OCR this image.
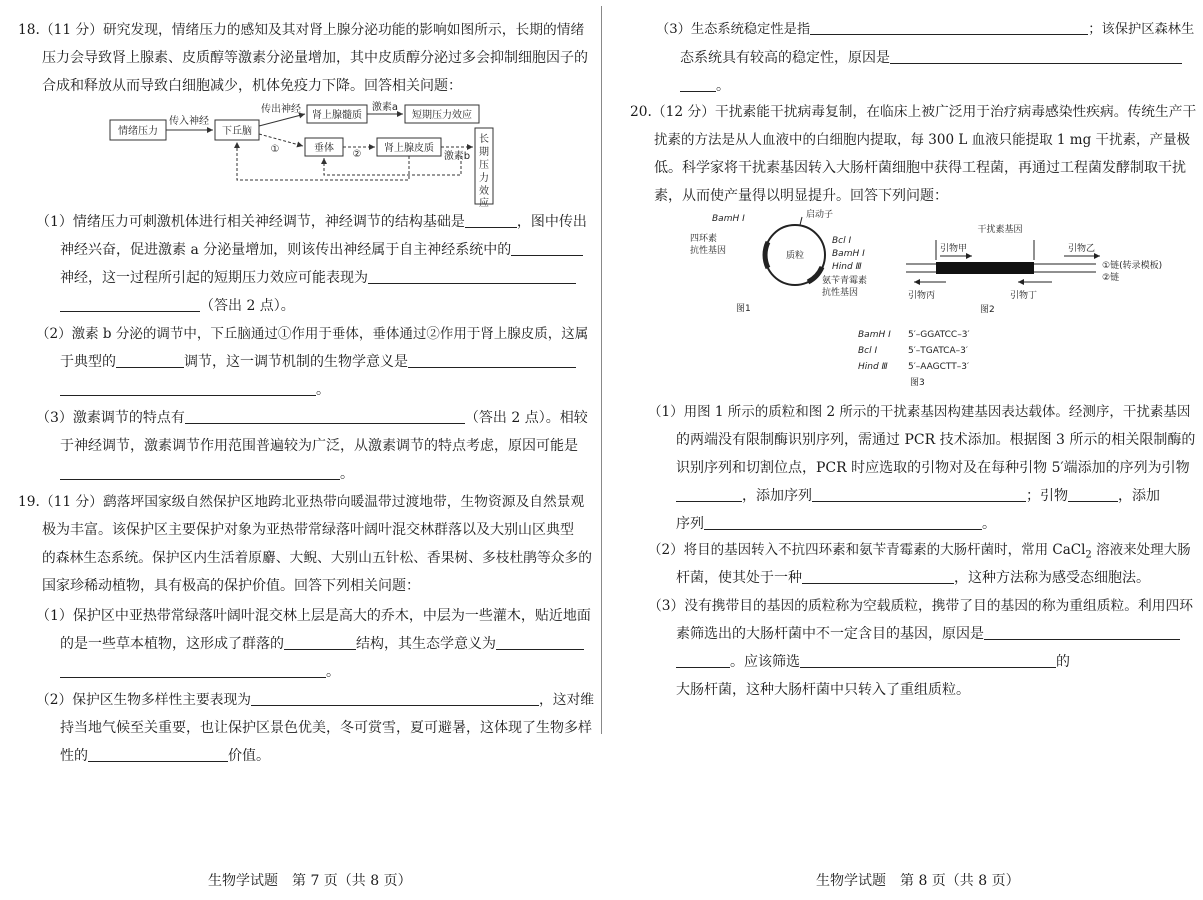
18.（11 分）研究发现，情绪压力的感知及其对肾上腺分泌功能的影响如图所示，长期的情绪
压力会导致肾上腺素、皮质醇等激素分泌量增加，其中皮质醇分泌过多会抑制细胞因子的
合成和释放从而导致白细胞减少，机体免疫力下降。回答相关问题：
情绪压力
传入神经
下丘脑
传出神经
肾上腺髓质
激素a
短期压力效应
①	垂体
②
肾上腺皮质
激素b
长
期
压
力
效
应
（1）情绪压力可刺激机体进行相关神经调节，神经调节的结构基础是	，图中传出
神经兴奋，促进激素 a 分泌量增加，则该传出神经属于自主神经系统中的
神经，这一过程所引起的短期压力效应可能表现为
（答出 2 点）。
（2）激素 b 分泌的调节中，下丘脑通过①作用于垂体，垂体通过②作用于肾上腺皮质，这属
于典型的	调节，这一调节机制的生物学意义是
。
（3）激素调节的特点有	（答出 2 点）。相较
于神经调节，激素调节作用范围普遍较为广泛，从激素调节的特点考虑，原因可能是
。
19.（11 分）鹞落坪国家级自然保护区地跨北亚热带向暖温带过渡地带，生物资源及自然景观
极为丰富。该保护区主要保护对象为亚热带常绿落叶阔叶混交林群落以及大别山区典型
的森林生态系统。保护区内生活着原麝、大鲵、大别山五针松、香果树、多枝杜鹃等众多的
国家珍稀动植物，具有极高的保护价值。回答下列相关问题：
（1）保护区中亚热带常绿落叶阔叶混交林上层是高大的乔木，中层为一些灌木，贴近地面
的是一些草本植物，这形成了群落的	结构，其生态学意义为
。
（2）保护区生物多样性主要表现为	，这对维
持当地气候至关重要，也让保护区景色优美，冬可赏雪，夏可避暑，这体现了生物多样
性的	价值。
生物学试题　第 7 页（共 8 页）
（3）生态系统稳定性是指	；该保护区森林生
态系统具有较高的稳定性，原因是
。
20.（12 分）干扰素能干扰病毒复制，在临床上被广泛用于治疗病毒感染性疾病。传统生产干
扰素的方法是从人血液中的白细胞内提取，每 300 L 血液只能提取 1 mg 干扰素，产量极
低。科学家将干扰素基因转入大肠杆菌细胞中获得工程菌，再通过工程菌发酵制取干扰
素，从而使产量得以明显提升。回答下列问题：
BamH Ⅰ	启动子
四环素
抗性基因	质粒
Bcl Ⅰ
BamH Ⅰ
Hind Ⅲ
氨苄青霉素
抗性基因
图1
干扰素基因
引物甲	引物乙
①链(转录模板)
②链
引物丙	引物丁
图2
BamH Ⅰ 5′–GGATCC–3′
Bcl Ⅰ	5′–TGATCA–3′
Hind Ⅲ 5′–AAGCTT–3′
图3
（1）用图 1 所示的质粒和图 2 所示的干扰素基因构建基因表达载体。经测序，干扰素基因
的两端没有限制酶识别序列，需通过 PCR 技术添加。根据图 3 所示的相关限制酶的
识别序列和切割位点，PCR 时应选取的引物对及在每种引物 5′端添加的序列为引物
，添加序列	；引物	，添加
序列	。
（2）将目的基因转入不抗四环素和氨苄青霉素的大肠杆菌时，常用 CaCl$_2$ 溶液来处理大肠
杆菌，使其处于一种	，这种方法称为感受态细胞法。
（3）没有携带目的基因的质粒称为空载质粒，携带了目的基因的称为重组质粒。利用四环
素筛选出的大肠杆菌中不一定含目的基因，原因是
。应该筛选	的
大肠杆菌，这种大肠杆菌中只转入了重组质粒。
生物学试题　第 8 页（共 8 页）
